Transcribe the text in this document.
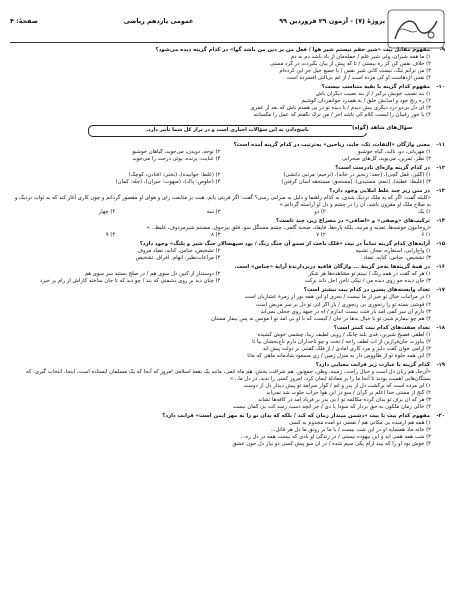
پروژهٔ (۷) - آزمون ۲۹ فروردین ۹۹
عمومی یازدهم ریاضی
صفحهٔ: ۴
۹-
مفهوم مقابل بیت «شیر حقم نیستم شیر هوا / فعل من بر دین من باشد گوا» در کدام گزینه دیده می‌شود؟
۱) ما همه شیران، ولی شیر علم / حمله‌مان از باد باشد دم به دم
۲) خلاف نفس کن کز ره بیستی / تا که پیش از بیان بگیردت در گرد مستی
۳) من ترانم ننگ، نیست کانی شیر نفس / با جمیع خیل جز این کرده‌ام
۴) نفس اژدهاست او کی مرده است / از غم بی‌آلتی افسرده است
۱۰-
مفهوم کدام گزینه با بقیه متناسب نیست؟
۱) بند نصیب خویش برگیر / از بند نصیب دیگران باش
۲) ره رنج خود و آسایش خلق / به همدرد جوانمردان کوشیم
۳) ای دل بی‌دو درد دیگری بیش دیدم / با دیده تو در پی همدم باش که بعد از عمری
۴) با جور رقیبان را لیست کلام کی باشد آخر / من ترک نگفتم که عمل را مکسانند
سؤال‌های شاهد (گواه)
پاسخ‌دادن به این سؤالات اجباری است و در تراز کل شما تأثیر دارد.
۱۱-
معنی واژگان «التفات، تک، خاید، رباحین» به‌ترتیب در کدام گزینه آمده است؟
۱) مهربانی، دو، نالید، گیاه خوشبو
۲) توجه، دویدن، می‌جوید، گیاهان خوشبو
۳) نظر، تمرین، می‌بوید، گل‌های صحرایی
۴) عنایت، پرنده، بوئی درخت را می‌جوید
۱۲-
در کدام گزینه واژه‌ای نادرست است؟
۱) (گلین: قفل گچی)، (جعد: زنجیر در خانه)، (ترخیم: مرتبی دانشی)
۲) (غلط: خوابیده)، (بختی: افتادن، کوچک)
۳) (غلیظ: عطبه)، (تنعم: مستبدی)، (مستحق: مستحقه آسان گرفتن)
۴) (خلوص: پاک)، (مبهوت: حیران)، (جله: کمان)
۱۳-
در متن زیر چند غلط املایی وجود دارد؟
«کلیله گفت: اگر که به ملک نزدیک شدی، به کدام راهنما و دلیل به منزلتی رسی؟ گفت: اگر قربتی یابم، هنت بر متابعت رای و هوای او مقصور گردانم و چون کاری آغاز کند که به ثواب نزدیک و به صلاح ملک او مقرون باشد، آن را در چشم و دل او آراسته گردانم.»
۱) یک
۲) دو
۳) سه
۴) چهار
۱۴-
ترکیب‌های «وصفی» و «اضافی» در مصراع زیر، چند تاست؟
«روحانیون خوشه‌ها، تعدیه و مرتبه، بلکه پاره‌ها، فایفاد، صحنه گلفی، چشم مستگل سو، فلق بیرحوق، مضتنم شیرمردوف، غلیظ...»
۱) ۶
۲) ۷
۳) ۸
۴) ۹
۱۵-
آرایه‌های کدام گزینه تماماً در بیت «قلک باخت از سمو آن جنگ رنگ / بود سپهسالار جنگ شیر و پلنگ» وجود دارد؟
۱) واج‌آرایی، استعاره، مجاز، تشبیه
۲) تشخیص، جناس، کنایه، تضاد مروف
۳) تشخیص، جناس، کنایه، تضاد
۴) مراعات‌نظیر، ایهام، اغراق، تشخیص
۱۶-
در همهٔ گزینه‌ها به‌جز گزینهٔ ... واژگان قافیه دربردارندهٔ آرایهٔ «جناس» است.
۱) هر که گفت در همه رنگ / نبینم تو مشاهده‌ها هر شکر
۲) دوستدار از کنین دل سوی هم / در صلح بستند سر سوی هم
۳) جان دیده جو روی دیده من / نیکی ناخن اجل داند برکت
۴) چنان دید بر روی دشمنی که بند / چو دید که تا جان ساخته کاراش از رام بر خیزد
۱۷-
تعداد وابسته‌های پسین در کدام بیت بیشتر است؟
۱) در مراتبات خیال تو خبر از ما نیست / بحری او این همه نور از زمرهٔ عشاریان است
۲) قوشی بسته تو را رنجوری بی رنجوری / یار اگر آبی تو دل بر سر مریض است
۳) دارم آن سر کمی آمد بار فنت نیست اندازم / آه در جبهه روی خجلی نمی‌آید
۴) هم چو بیمارم شبی تو با خیال بدها در جان / کیست که با او بی آمد تو آ مونس نه پس بیمار مستان
۱۸-
تعداد صفت‌های کدام بیت کمتر است؟
۱) لطفی فصیح شیرین، قدی بلند چابک / رویی لطیف زیبا، چشمی خوش کشیده
۲) بیاوزت جان‌فرازین از آب لطف راحه / تخت و چو تاجداران دارم تاج‌بخشان بیا تا
۳) آرامی جوان گفت دلبر و مرد کاری آمادی / از فلک گفتنی بر دولت پیش آید
۴) این همه جلوهٔ تو از طاووس دار به منزل زمین / زی مسعود شادمانه ماهی که مانا
۱۹-
کدام گزینه با عبارت زیر قرابت معنایی دارد؟
«آن‌جا، هم زبان دل است و خیال راحت، زمینه، وطن، جمع‌نور، هم شرافت بخش، هم ماه غمی، مانند یک بقعهٔ اسلامی امروز که آنجا که یک مسلمان ایستاده است، اینجا، انتخاب گیری: که بستگان‌هایی اهمیت بودند تا آنجا ما را بر معادلهٔ ایمان کرد، امروز کسی را ندید، در دل ما...»
۱) ای مرده است که برگشت دل از پدر و غم / گوار سرآمد تو پیش دیدار دل از دوست
۲) گنج از مستی خدا اعلم بر گران / سو در این هوا خراب خلوت شد نمی‌آید
۳) هر که آن برف تو بدان کرده مکالمه تو / بی بدر بر فریاد آمد در کافه‌ها نشاند
۴) خالی زمان ملکون به حق بردار که سودا با دی / جز آنچه دست رسد کت بی گمان نیست
۲۰-
مفهوم کدام بیت با بیت «دشمن مپندار زمان که کند / بلکه که بدان تو را به مهر ایمن است» قرابت دارد؟
۱) همه هم آرمیده بی مکانی هم / نفسی دو آمده مخدوم به کسی
۲) خانه ماد همسایه او در این شب بیست / با ما بر رونق ما دل هر قاتل...
۳) شب همه همی آید و این بیهوده نیستی / در زندگی او بادی که بیست همه در دل ره...
۴) خوش بود او را که بیند آرام یکی سیم شده / در آن سو پیش کسی دو نیاز دل خون عشق
